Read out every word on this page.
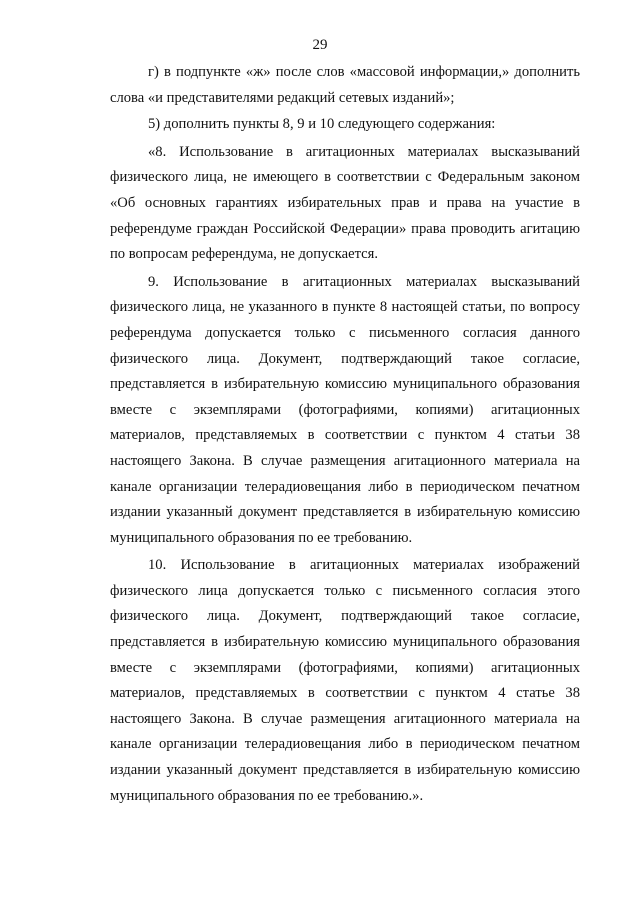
29

г) в подпункте «ж» после слов «массовой информации,» дополнить слова «и представителями редакций сетевых изданий»;

5) дополнить пункты 8, 9 и 10 следующего содержания:

«8. Использование в агитационных материалах высказываний физического лица, не имеющего в соответствии с Федеральным законом «Об основных гарантиях избирательных прав и права на участие в референдуме граждан Российской Федерации» права проводить агитацию по вопросам референдума, не допускается.

9. Использование в агитационных материалах высказываний физического лица, не указанного в пункте 8 настоящей статьи, по вопросу референдума допускается только с письменного согласия данного физического лица. Документ, подтверждающий такое согласие, представляется в избирательную комиссию муниципального образования вместе с экземплярами (фотографиями, копиями) агитационных материалов, представляемых в соответствии с пунктом 4 статьи 38 настоящего Закона. В случае размещения агитационного материала на канале организации телерадиовещания либо в периодическом печатном издании указанный документ представляется в избирательную комиссию муниципального образования по ее требованию.

10. Использование в агитационных материалах изображений физического лица допускается только с письменного согласия этого физического лица. Документ, подтверждающий такое согласие, представляется в избирательную комиссию муниципального образования вместе с экземплярами (фотографиями, копиями) агитационных материалов, представляемых в соответствии с пунктом 4 статье 38 настоящего Закона. В случае размещения агитационного материала на канале организации телерадиовещания либо в периодическом печатном издании указанный документ представляется в избирательную комиссию муниципального образования по ее требованию.».
